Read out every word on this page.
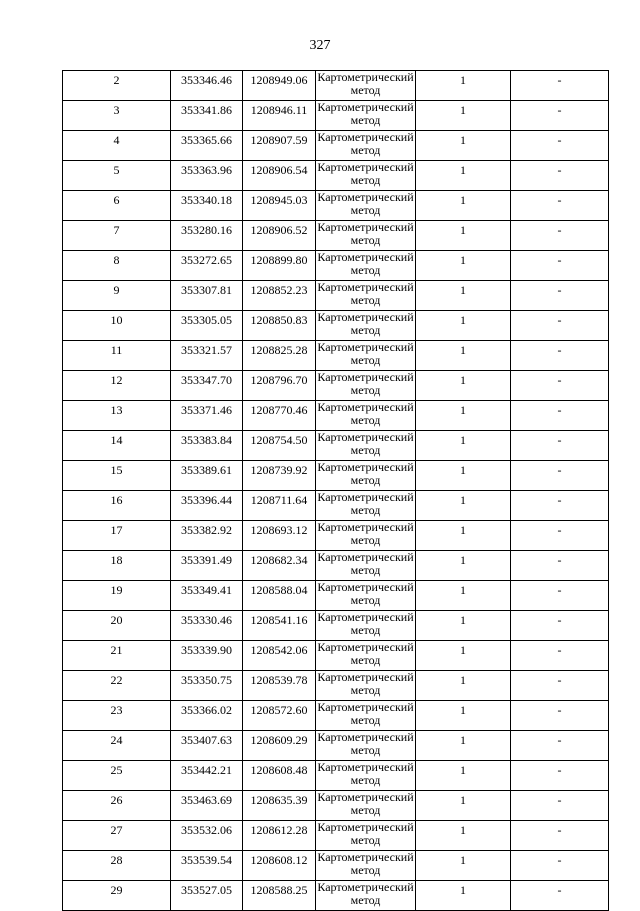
327
2	353346.46	1208949.06	Картометрический метод	1	-
3	353341.86	1208946.11	Картометрический метод	1	-
4	353365.66	1208907.59	Картометрический метод	1	-
5	353363.96	1208906.54	Картометрический метод	1	-
6	353340.18	1208945.03	Картометрический метод	1	-
7	353280.16	1208906.52	Картометрический метод	1	-
8	353272.65	1208899.80	Картометрический метод	1	-
9	353307.81	1208852.23	Картометрический метод	1	-
10	353305.05	1208850.83	Картометрический метод	1	-
11	353321.57	1208825.28	Картометрический метод	1	-
12	353347.70	1208796.70	Картометрический метод	1	-
13	353371.46	1208770.46	Картометрический метод	1	-
14	353383.84	1208754.50	Картометрический метод	1	-
15	353389.61	1208739.92	Картометрический метод	1	-
16	353396.44	1208711.64	Картометрический метод	1	-
17	353382.92	1208693.12	Картометрический метод	1	-
18	353391.49	1208682.34	Картометрический метод	1	-
19	353349.41	1208588.04	Картометрический метод	1	-
20	353330.46	1208541.16	Картометрический метод	1	-
21	353339.90	1208542.06	Картометрический метод	1	-
22	353350.75	1208539.78	Картометрический метод	1	-
23	353366.02	1208572.60	Картометрический метод	1	-
24	353407.63	1208609.29	Картометрический метод	1	-
25	353442.21	1208608.48	Картометрический метод	1	-
26	353463.69	1208635.39	Картометрический метод	1	-
27	353532.06	1208612.28	Картометрический метод	1	-
28	353539.54	1208608.12	Картометрический метод	1	-
29	353527.05	1208588.25	Картометрический метод	1	-
